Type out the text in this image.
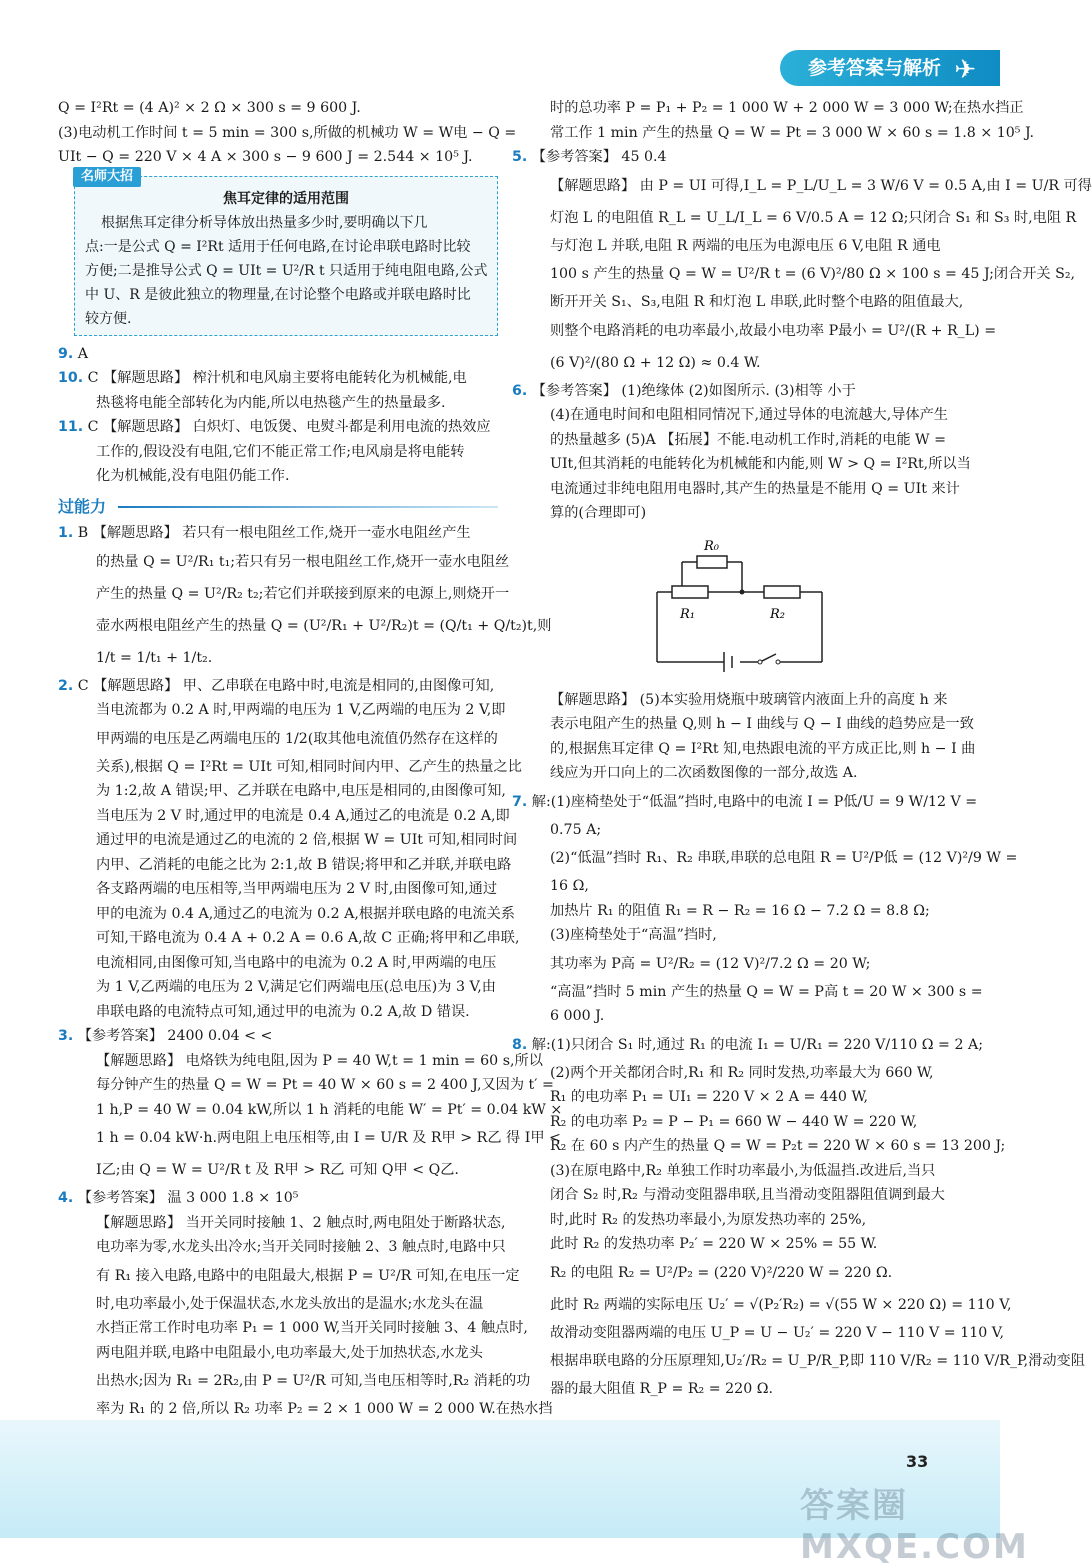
参考答案与解析 ✈
Q = I²Rt = (4 A)² × 2 Ω × 300 s = 9 600 J.
(3)电动机工作时间 t = 5 min = 300 s,所做的机械功 W = W电 − Q =
UIt − Q = 220 V × 4 A × 300 s − 9 600 J = 2.544 × 10⁵ J.
名师大招
焦耳定律的适用范围
根据焦耳定律分析导体放出热量多少时,要明确以下几
点:一是公式 Q = I²Rt 适用于任何电路,在讨论串联电路时比较
方便;二是推导公式 Q = UIt = U²/R t 只适用于纯电阻电路,公式
中 U、R 是彼此独立的物理量,在讨论整个电路或并联电路时比
较方便.
9. A
10. C 【解题思路】 榨汁机和电风扇主要将电能转化为机械能,电
热毯将电能全部转化为内能,所以电热毯产生的热量最多.
11. C 【解题思路】 白炽灯、电饭煲、电熨斗都是利用电流的热效应
工作的,假设没有电阻,它们不能正常工作;电风扇是将电能转
化为机械能,没有电阻仍能工作.
过能力
1. B 【解题思路】 若只有一根电阻丝工作,烧开一壶水电阻丝产生
的热量 Q = U²/R₁ t₁;若只有另一根电阻丝工作,烧开一壶水电阻丝
产生的热量 Q = U²/R₂ t₂;若它们并联接到原来的电源上,则烧开一
壶水两根电阻丝产生的热量 Q = (U²/R₁ + U²/R₂)t = (Q/t₁ + Q/t₂)t,则
1/t = 1/t₁ + 1/t₂.
2. C 【解题思路】 甲、乙串联在电路中时,电流是相同的,由图像可知,
当电流都为 0.2 A 时,甲两端的电压为 1 V,乙两端的电压为 2 V,即
甲两端的电压是乙两端电压的 1/2(取其他电流值仍然存在这样的
关系),根据 Q = I²Rt = UIt 可知,相同时间内甲、乙产生的热量之比
为 1:2,故 A 错误;甲、乙并联在电路中,电压是相同的,由图像可知,
当电压为 2 V 时,通过甲的电流是 0.4 A,通过乙的电流是 0.2 A,即
通过甲的电流是通过乙的电流的 2 倍,根据 W = UIt 可知,相同时间
内甲、乙消耗的电能之比为 2:1,故 B 错误;将甲和乙并联,并联电路
各支路两端的电压相等,当甲两端电压为 2 V 时,由图像可知,通过
甲的电流为 0.4 A,通过乙的电流为 0.2 A,根据并联电路的电流关系
可知,干路电流为 0.4 A + 0.2 A = 0.6 A,故 C 正确;将甲和乙串联,
电流相同,由图像可知,当电路中的电流为 0.2 A 时,甲两端的电压
为 1 V,乙两端的电压为 2 V,满足它们两端电压(总电压)为 3 V,由
串联电路的电流特点可知,通过甲的电流为 0.2 A,故 D 错误.
3. 【参考答案】 2400 0.04 < <
【解题思路】 电烙铁为纯电阻,因为 P = 40 W,t = 1 min = 60 s,所以
每分钟产生的热量 Q = W = Pt = 40 W × 60 s = 2 400 J,又因为 t′ =
1 h,P = 40 W = 0.04 kW,所以 1 h 消耗的电能 W′ = Pt′ = 0.04 kW ×
1 h = 0.04 kW·h.两电阻上电压相等,由 I = U/R 及 R甲 > R乙 得 I甲 <
I乙;由 Q = W = U²/R t 及 R甲 > R乙 可知 Q甲 < Q乙.
4. 【参考答案】 温 3 000 1.8 × 10⁵
【解题思路】 当开关同时接触 1、2 触点时,两电阻处于断路状态,
电功率为零,水龙头出冷水;当开关同时接触 2、3 触点时,电路中只
有 R₁ 接入电路,电路中的电阻最大,根据 P = U²/R 可知,在电压一定
时,电功率最小,处于保温状态,水龙头放出的是温水;水龙头在温
水挡正常工作时电功率 P₁ = 1 000 W,当开关同时接触 3、4 触点时,
两电阻并联,电路中电阻最小,电功率最大,处于加热状态,水龙头
出热水;因为 R₁ = 2R₂,由 P = U²/R 可知,当电压相等时,R₂ 消耗的功
率为 R₁ 的 2 倍,所以 R₂ 功率 P₂ = 2 × 1 000 W = 2 000 W.在热水挡
时的总功率 P = P₁ + P₂ = 1 000 W + 2 000 W = 3 000 W;在热水挡正
常工作 1 min 产生的热量 Q = W = Pt = 3 000 W × 60 s = 1.8 × 10⁵ J.
5. 【参考答案】 45 0.4
【解题思路】 由 P = UI 可得,I_L = P_L/U_L = 3 W/6 V = 0.5 A,由 I = U/R 可得
灯泡 L 的电阻值 R_L = U_L/I_L = 6 V/0.5 A = 12 Ω;只闭合 S₁ 和 S₃ 时,电阻 R
与灯泡 L 并联,电阻 R 两端的电压为电源电压 6 V,电阻 R 通电
100 s 产生的热量 Q = W = U²/R t = (6 V)²/80 Ω × 100 s = 45 J;闭合开关 S₂,
断开开关 S₁、S₃,电阻 R 和灯泡 L 串联,此时整个电路的阻值最大,
则整个电路消耗的电功率最小,故最小电功率 P最小 = U²/(R + R_L) =
(6 V)²/(80 Ω + 12 Ω) ≈ 0.4 W.
6. 【参考答案】 (1)绝缘体 (2)如图所示. (3)相等 小于
(4)在通电时间和电阻相同情况下,通过导体的电流越大,导体产生
的热量越多 (5)A 【拓展】不能.电动机工作时,消耗的电能 W =
UIt,但其消耗的电能转化为机械能和内能,则 W > Q = I²Rt,所以当
电流通过非纯电阻用电器时,其产生的热量是不能用 Q = UIt 来计
算的(合理即可)
R₀
R₁	R₂
【解题思路】 (5)本实验用烧瓶中玻璃管内液面上升的高度 h 来
表示电阻产生的热量 Q,则 h − I 曲线与 Q − I 曲线的趋势应是一致
的,根据焦耳定律 Q = I²Rt 知,电热跟电流的平方成正比,则 h − I 曲
线应为开口向上的二次函数图像的一部分,故选 A.
7. 解:(1)座椅垫处于“低温”挡时,电路中的电流 I = P低/U = 9 W/12 V =
0.75 A;
(2)“低温”挡时 R₁、R₂ 串联,串联的总电阻 R = U²/P低 = (12 V)²/9 W =
16 Ω,
加热片 R₁ 的阻值 R₁ = R − R₂ = 16 Ω − 7.2 Ω = 8.8 Ω;
(3)座椅垫处于“高温”挡时,
其功率为 P高 = U²/R₂ = (12 V)²/7.2 Ω = 20 W;
“高温”挡时 5 min 产生的热量 Q = W = P高 t = 20 W × 300 s =
6 000 J.
8. 解:(1)只闭合 S₁ 时,通过 R₁ 的电流 I₁ = U/R₁ = 220 V/110 Ω = 2 A;
(2)两个开关都闭合时,R₁ 和 R₂ 同时发热,功率最大为 660 W,
R₁ 的电功率 P₁ = UI₁ = 220 V × 2 A = 440 W,
R₂ 的电功率 P₂ = P − P₁ = 660 W − 440 W = 220 W,
R₂ 在 60 s 内产生的热量 Q = W = P₂t = 220 W × 60 s = 13 200 J;
(3)在原电路中,R₂ 单独工作时功率最小,为低温挡.改进后,当只
闭合 S₂ 时,R₂ 与滑动变阻器串联,且当滑动变阻器阻值调到最大
时,此时 R₂ 的发热功率最小,为原发热功率的 25%,
此时 R₂ 的发热功率 P₂′ = 220 W × 25% = 55 W.
R₂ 的电阻 R₂ = U²/P₂ = (220 V)²/220 W = 220 Ω.
此时 R₂ 两端的实际电压 U₂′ = √(P₂′R₂) = √(55 W × 220 Ω) = 110 V,
故滑动变阻器两端的电压 U_P = U − U₂′ = 220 V − 110 V = 110 V,
根据串联电路的分压原理知,U₂′/R₂ = U_P/R_P,即 110 V/R₂ = 110 V/R_P,滑动变阻
器的最大阻值 R_P = R₂ = 220 Ω.
33
答案圈 MXQE.COM
